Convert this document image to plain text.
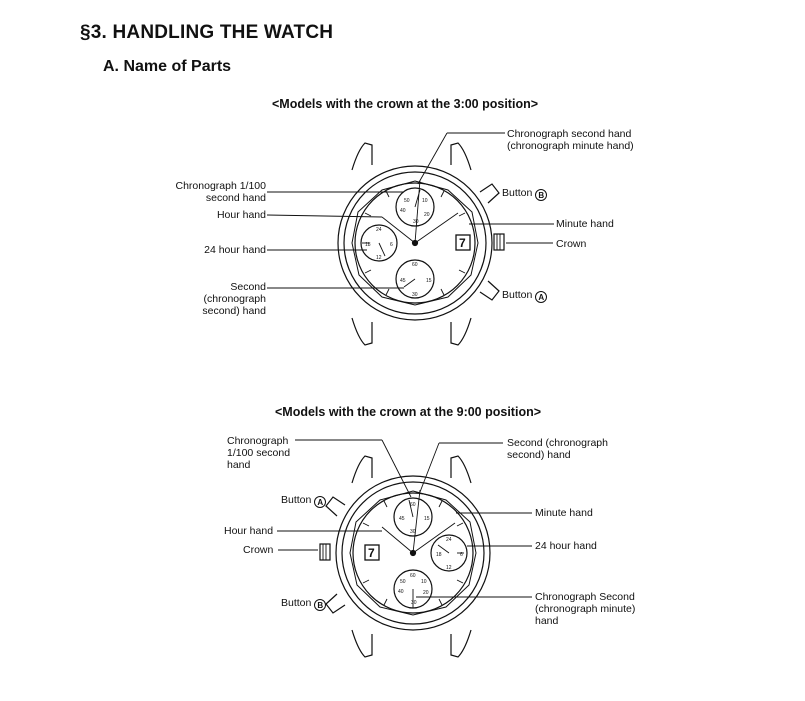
§3. HANDLING THE WATCH
A. Name of Parts
<Models with the crown at the 3:00 position>
<Models with the crown at the 9:00 position>
50 10
40
20
30
24
18	6
12
60
45	15
30
7
60
45	15
30
24
18	6
12
60
50	10
40	20
30
7
Chronograph second hand
(chronograph minute hand)
Chronograph 1/100
second hand
Hour hand
24 hour hand
Second
(chronograph
second) hand
Button B
Minute hand
Crown
Button A
Chronograph
1/100 second
hand
Second (chronograph
second) hand
Button A
Minute hand
Hour hand
Crown	24 hour hand
Button B
Chronograph Second
(chronograph minute)
hand
